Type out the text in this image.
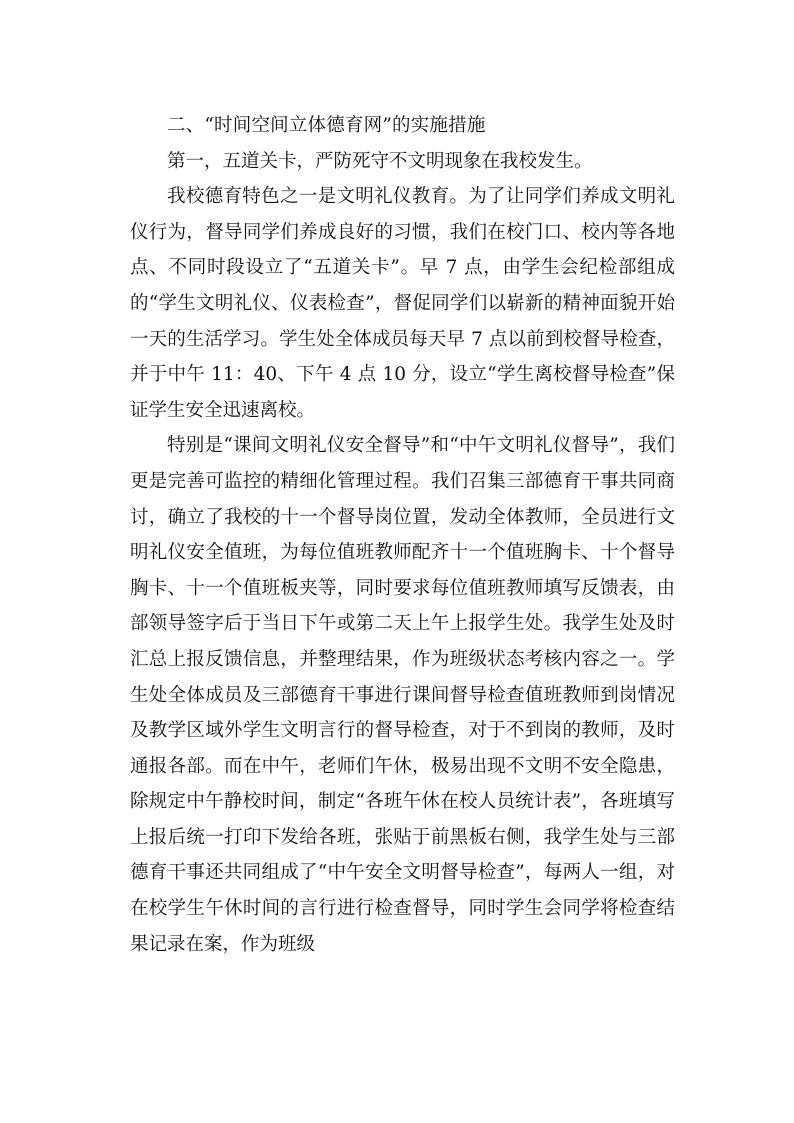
二、“时间空间立体德育网”的实施措施

第一，五道关卡，严防死守不文明现象在我校发生。

我校德育特色之一是文明礼仪教育。为了让同学们养成文明礼仪行为，督导同学们养成良好的习惯，我们在校门口、校内等各地点、不同时段设立了“五道关卡”。早 7 点，由学生会纪检部组成的“学生文明礼仪、仪表检查”，督促同学们以崭新的精神面貌开始一天的生活学习。学生处全体成员每天早 7 点以前到校督导检查，并于中午 11：40、下午 4 点 10 分，设立“学生离校督导检查”保证学生安全迅速离校。

特别是“课间文明礼仪安全督导”和“中午文明礼仪督导”，我们更是完善可监控的精细化管理过程。我们召集三部德育干事共同商讨，确立了我校的十一个督导岗位置，发动全体教师，全员进行文明礼仪安全值班，为每位值班教师配齐十一个值班胸卡、十个督导胸卡、十一个值班板夹等，同时要求每位值班教师填写反馈表，由部领导签字后于当日下午或第二天上午上报学生处。我学生处及时汇总上报反馈信息，并整理结果，作为班级状态考核内容之一。学生处全体成员及三部德育干事进行课间督导检查值班教师到岗情况及教学区域外学生文明言行的督导检查，对于不到岗的教师，及时通报各部。而在中午，老师们午休，极易出现不文明不安全隐患，除规定中午静校时间，制定“各班午休在校人员统计表”，各班填写上报后统一打印下发给各班，张贴于前黑板右侧，我学生处与三部德育干事还共同组成了“中午安全文明督导检查”，每两人一组，对在校学生午休时间的言行进行检查督导，同时学生会同学将检查结果记录在案，作为班级
